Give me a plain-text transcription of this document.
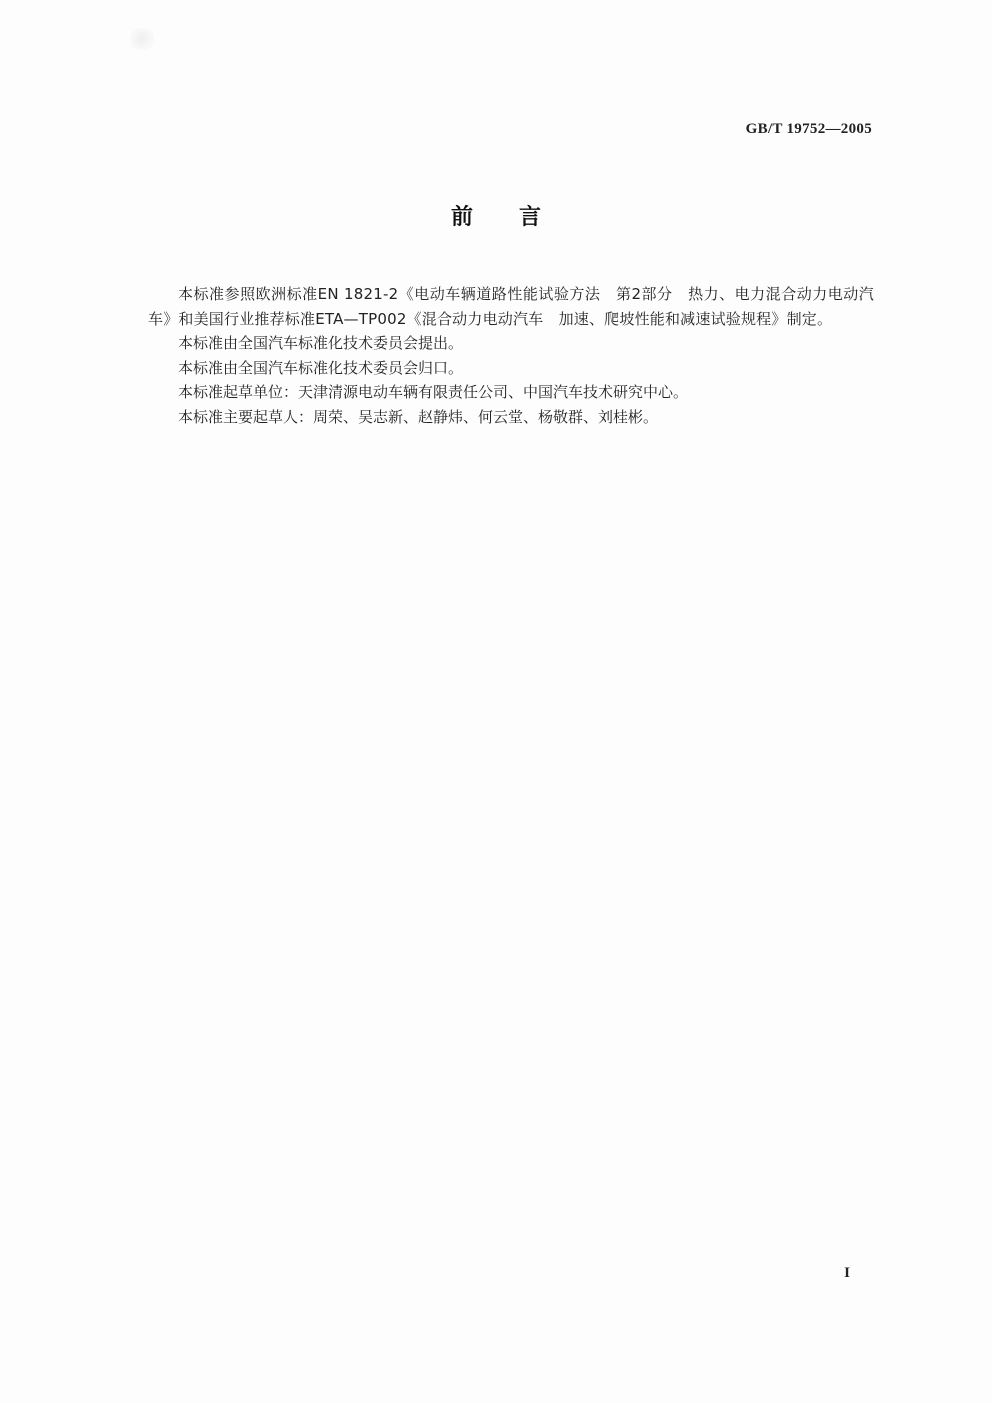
GB/T 19752—2005
前 言

本标准参照欧洲标准EN 1821-2《电动车辆道路性能试验方法　第2部分　热力、电力混合动力电动汽车》和美国行业推荐标准ETA—TP002《混合动力电动汽车　加速、爬坡性能和减速试验规程》制定。

本标准由全国汽车标准化技术委员会提出。

本标准由全国汽车标准化技术委员会归口。

本标准起草单位：天津清源电动车辆有限责任公司、中国汽车技术研究中心。

本标准主要起草人：周荣、吴志新、赵静炜、何云堂、杨敬群、刘桂彬。

I
